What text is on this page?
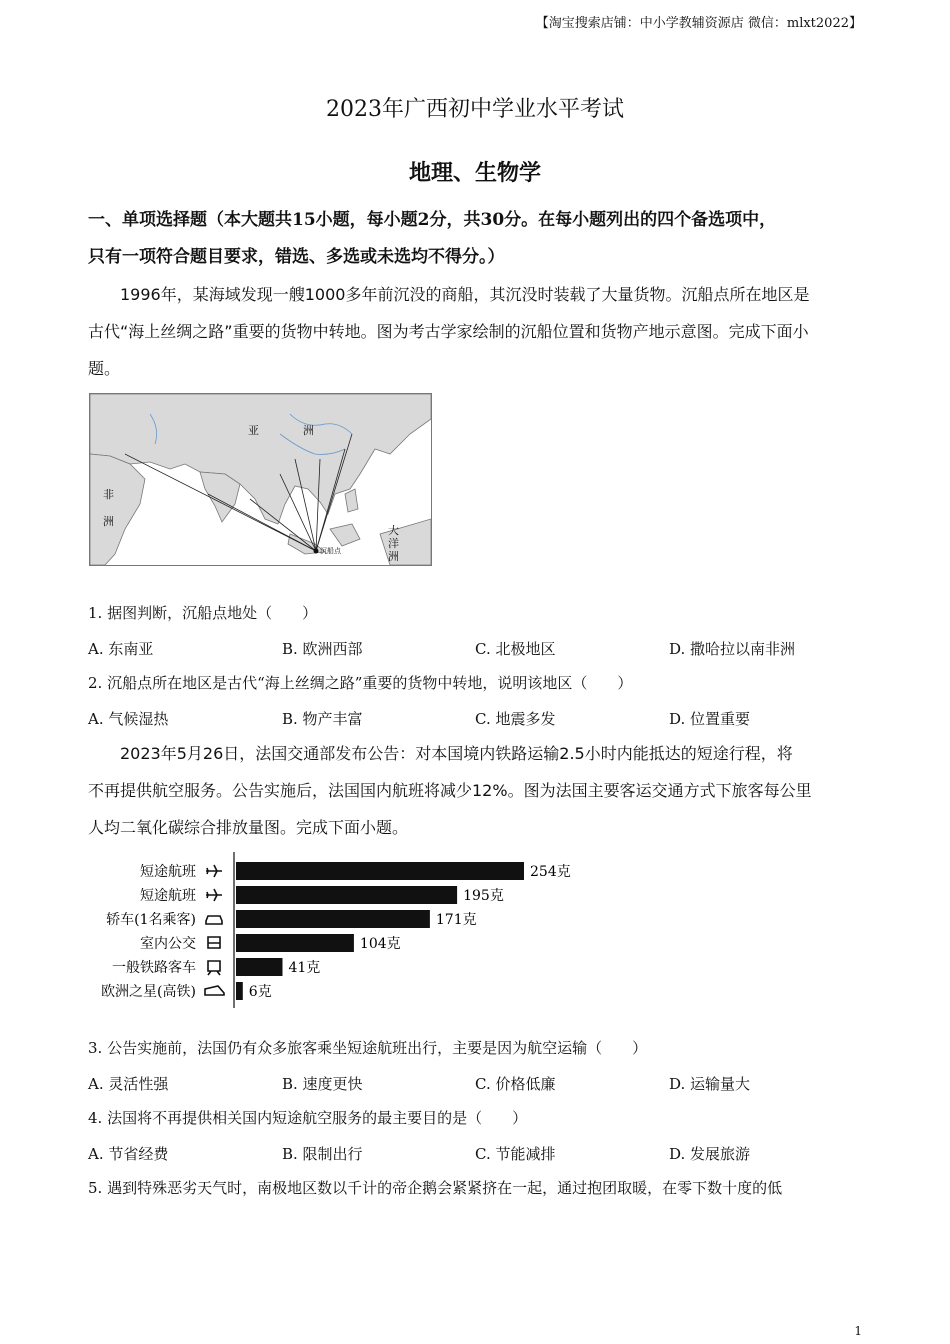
【淘宝搜索店铺：中小学教辅资源店 微信：mlxt2022】
2023年广西初中学业水平考试
地理、生物学
一、单项选择题（本大题共15小题，每小题2分，共30分。在每小题列出的四个备选项中，
只有一项符合题目要求，错选、多选或未选均不得分。）
1996年，某海域发现一艘1000多年前沉没的商船，其沉没时装载了大量货物。沉船点所在地区是
古代“海上丝绸之路”重要的货物中转地。图为考古学家绘制的沉船位置和货物产地示意图。完成下面小
题。
亚	洲
非
洲
大
洋
洲
沉船点
1. 据图判断，沉船点地处（　　）
A. 东南亚	B. 欧洲西部	C. 北极地区	D. 撒哈拉以南非洲
2. 沉船点所在地区是古代“海上丝绸之路”重要的货物中转地，说明该地区（　　）
A. 气候湿热	B. 物产丰富	C. 地震多发	D. 位置重要
2023年5月26日，法国交通部发布公告：对本国境内铁路运输2.5小时内能抵达的短途行程，将
不再提供航空服务。公告实施后，法国国内航班将减少12%。图为法国主要客运交通方式下旅客每公里
人均二氧化碳综合排放量图。完成下面小题。
短途航班	254克
短途航班	195克
轿车(1名乘客)	171克
室内公交	104克
一般铁路客车	41克
欧洲之星(高铁)	6克
3. 公告实施前，法国仍有众多旅客乘坐短途航班出行，主要是因为航空运输（　　）
A. 灵活性强	B. 速度更快	C. 价格低廉	D. 运输量大
4. 法国将不再提供相关国内短途航空服务的最主要目的是（　　）
A. 节省经费	B. 限制出行	C. 节能减排	D. 发展旅游
5. 遇到特殊恶劣天气时，南极地区数以千计的帝企鹅会紧紧挤在一起，通过抱团取暖，在零下数十度的低
1
